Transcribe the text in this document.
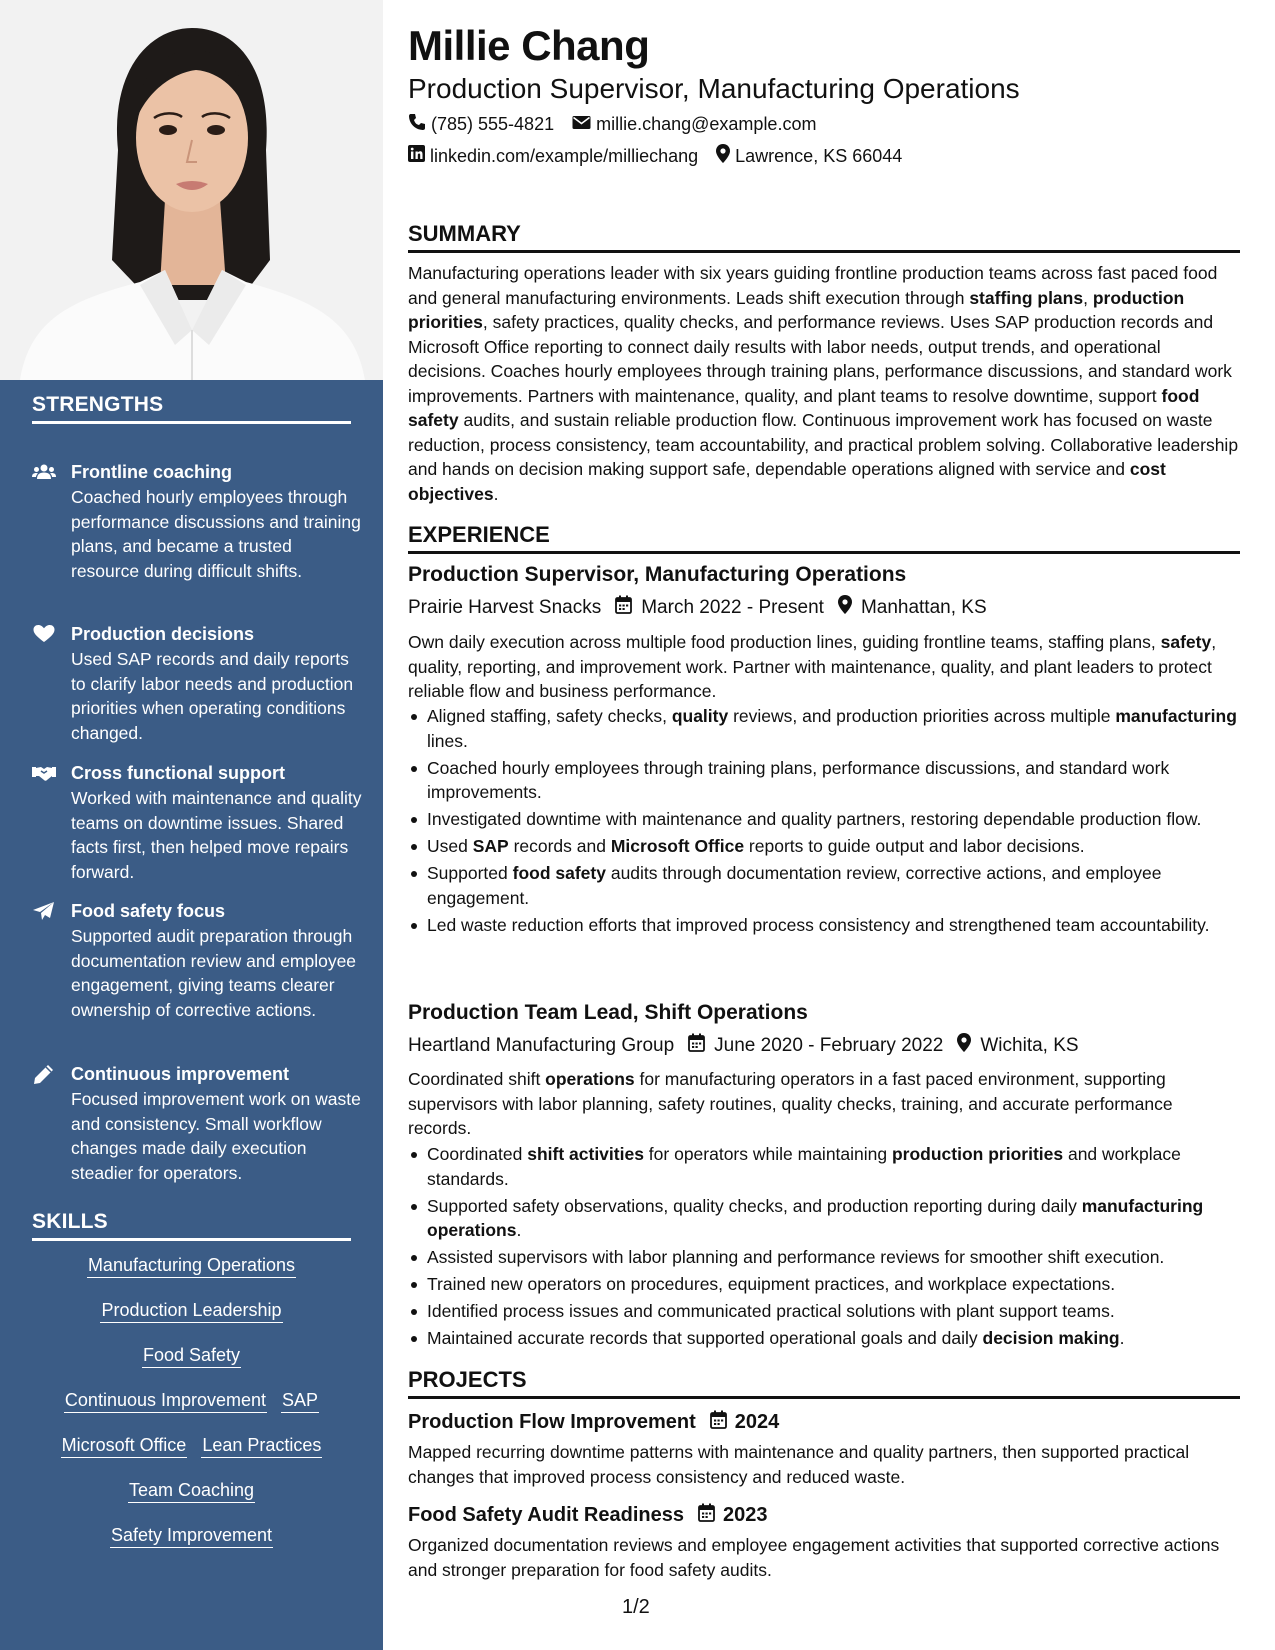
STRENGTHS
Frontline coaching
Coached hourly employees through performance discussions and training plans, and became a trusted resource during difficult shifts.
Production decisions
Used SAP records and daily reports to clarify labor needs and production priorities when operating conditions changed.
Cross functional support
Worked with maintenance and quality teams on downtime issues. Shared facts first, then helped move repairs forward.
Food safety focus
Supported audit preparation through documentation review and employee engagement, giving teams clearer ownership of corrective actions.
Continuous improvement
Focused improvement work on waste and consistency. Small workflow changes made daily execution steadier for operators.
SKILLS
Manufacturing Operations
Production Leadership
Food Safety
Continuous Improvement SAP
Microsoft Office Lean Practices
Team Coaching
Safety Improvement
Millie Chang
Production Supervisor, Manufacturing Operations
(785) 555-4821 millie.chang@example.com
linkedin.com/example/milliechang Lawrence, KS 66044
SUMMARY
Manufacturing operations leader with six years guiding frontline production teams across fast paced food and general manufacturing environments. Leads shift execution through staffing plans, production priorities, safety practices, quality checks, and performance reviews. Uses SAP production records and Microsoft Office reporting to connect daily results with labor needs, output trends, and operational decisions. Coaches hourly employees through training plans, performance discussions, and standard work improvements. Partners with maintenance, quality, and plant teams to resolve downtime, support food safety audits, and sustain reliable production flow. Continuous improvement work has focused on waste reduction, process consistency, team accountability, and practical problem solving. Collaborative leadership and hands on decision making support safe, dependable operations aligned with service and cost objectives.
EXPERIENCE
Production Supervisor, Manufacturing Operations
Prairie Harvest Snacks March 2022 - Present Manhattan, KS
Own daily execution across multiple food production lines, guiding frontline teams, staffing plans, safety, quality, reporting, and improvement work. Partner with maintenance, quality, and plant leaders to protect reliable flow and business performance.
Aligned staffing, safety checks, quality reviews, and production priorities across multiple manufacturing lines.
Coached hourly employees through training plans, performance discussions, and standard work improvements.
Investigated downtime with maintenance and quality partners, restoring dependable production flow.
Used SAP records and Microsoft Office reports to guide output and labor decisions.
Supported food safety audits through documentation review, corrective actions, and employee engagement.
Led waste reduction efforts that improved process consistency and strengthened team accountability.
Production Team Lead, Shift Operations
Heartland Manufacturing Group June 2020 - February 2022 Wichita, KS
Coordinated shift operations for manufacturing operators in a fast paced environment, supporting supervisors with labor planning, safety routines, quality checks, training, and accurate performance records.
Coordinated shift activities for operators while maintaining production priorities and workplace standards.
Supported safety observations, quality checks, and production reporting during daily manufacturing operations.
Assisted supervisors with labor planning and performance reviews for smoother shift execution.
Trained new operators on procedures, equipment practices, and workplace expectations.
Identified process issues and communicated practical solutions with plant support teams.
Maintained accurate records that supported operational goals and daily decision making.
PROJECTS
Production Flow Improvement 2024
Mapped recurring downtime patterns with maintenance and quality partners, then supported practical changes that improved process consistency and reduced waste.
Food Safety Audit Readiness 2023
Organized documentation reviews and employee engagement activities that supported corrective actions and stronger preparation for food safety audits.
1/2
